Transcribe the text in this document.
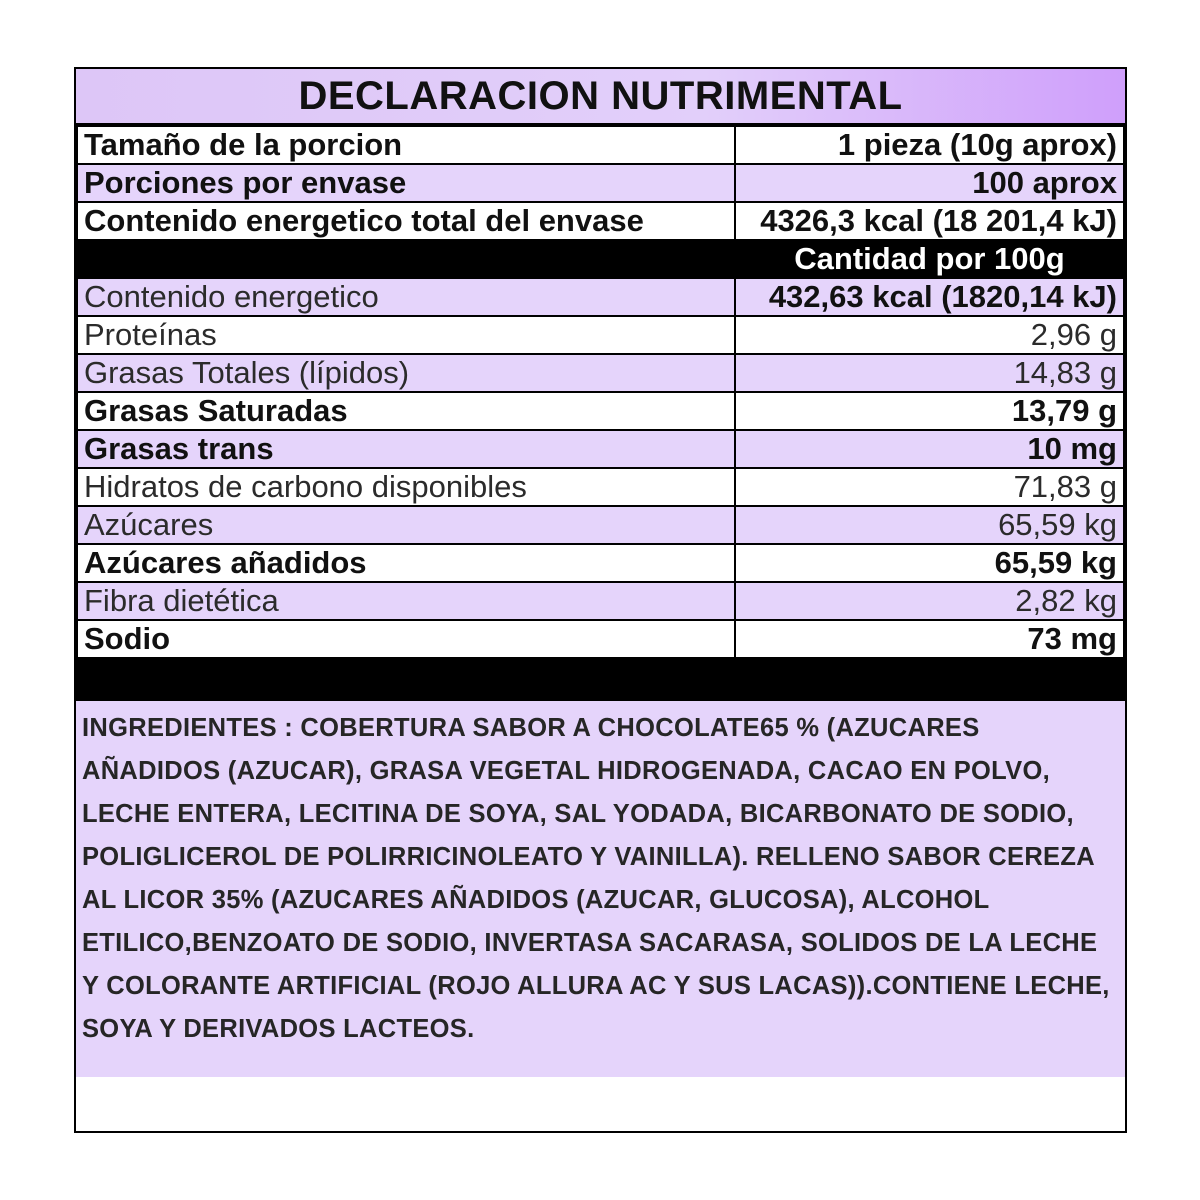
DECLARACION NUTRIMENTAL
Tamaño de la porcion	1 pieza (10g aprox)
Porciones por envase	100 aprox
Contenido energetico total del envase	4326,3 kcal (18 201,4 kJ)
	Cantidad por 100g
Contenido energetico	432,63 kcal (1820,14 kJ)
Proteínas	2,96 g
Grasas Totales (lípidos)	14,83 g
Grasas Saturadas	13,79 g
Grasas trans	10 mg
Hidratos de carbono disponibles	71,83 g
Azúcares	65,59 kg
Azúcares añadidos	65,59 kg
Fibra dietética	2,82 kg
Sodio	73 mg
INGREDIENTES : COBERTURA SABOR A CHOCOLATE65 % (AZUCARES AÑADIDOS (AZUCAR), GRASA VEGETAL HIDROGENADA, CACAO EN POLVO, LECHE ENTERA, LECITINA DE SOYA, SAL YODADA, BICARBONATO DE SODIO, POLIGLICEROL DE POLIRRICINOLEATO Y VAINILLA). RELLENO SABOR CEREZA AL LICOR 35% (AZUCARES AÑADIDOS (AZUCAR, GLUCOSA), ALCOHOL ETILICO,BENZOATO DE SODIO, INVERTASA SACARASA, SOLIDOS DE LA LECHE Y COLORANTE ARTIFICIAL (ROJO ALLURA AC Y SUS LACAS)).CONTIENE LECHE, SOYA Y DERIVADOS LACTEOS.
